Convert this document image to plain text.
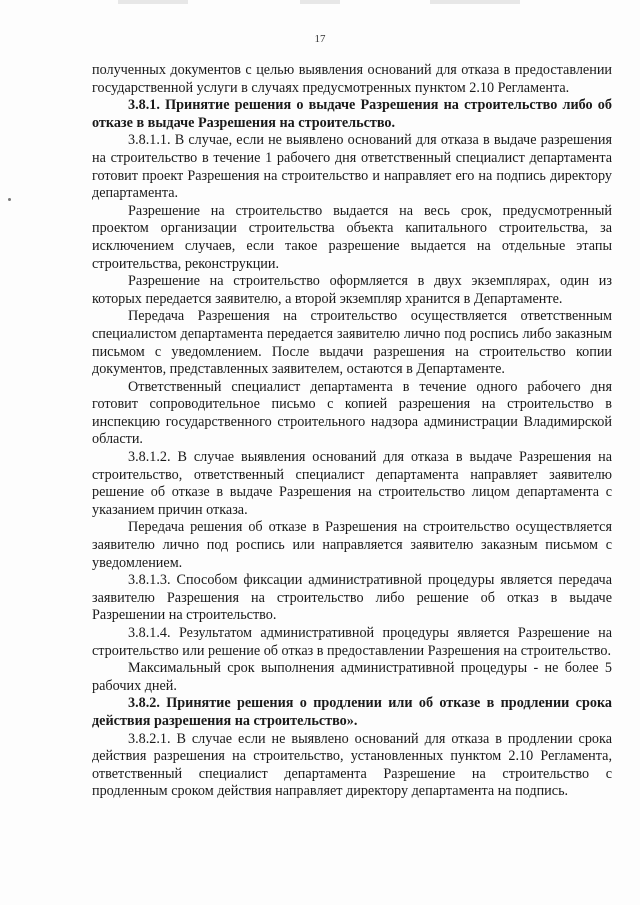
17

полученных документов с целью выявления оснований для отказа в предоставлении государственной услуги в случаях предусмотренных пунктом 2.10 Регламента.

3.8.1. Принятие решения о выдаче Разрешения на строительство либо об отказе в выдаче Разрешения на строительство.

3.8.1.1. В случае, если не выявлено оснований для отказа в выдаче разрешения на строительство в течение 1 рабочего дня ответственный специалист департамента готовит проект Разрешения на строительство и направляет его на подпись директору департамента.

Разрешение на строительство выдается на весь срок, предусмотренный проектом организации строительства объекта капитального строительства, за исключением случаев, если такое разрешение выдается на отдельные этапы строительства, реконструкции.

Разрешение на строительство оформляется в двух экземплярах, один из которых передается заявителю, а второй экземпляр хранится в Департаменте.

Передача Разрешения на строительство осуществляется ответственным специалистом департамента передается заявителю лично под роспись либо заказным письмом с уведомлением. После выдачи разрешения на строительство копии документов, представленных заявителем, остаются в Департаменте.

Ответственный специалист департамента в течение одного рабочего дня готовит сопроводительное письмо с копией разрешения на строительство в инспекцию государственного строительного надзора администрации Владимирской области.

3.8.1.2. В случае выявления оснований для отказа в выдаче Разрешения на строительство, ответственный специалист департамента направляет заявителю решение об отказе в выдаче Разрешения на строительство лицом департамента с указанием причин отказа.

Передача решения об отказе в Разрешения на строительство осуществляется заявителю лично под роспись или направляется заявителю заказным письмом с уведомлением.

3.8.1.3. Способом фиксации административной процедуры является передача заявителю Разрешения на строительство либо решение об отказ в выдаче Разрешении на строительство.

3.8.1.4. Результатом административной процедуры является Разрешение на строительство или решение об отказ в предоставлении Разрешения на строительство.

Максимальный срок выполнения административной процедуры - не более 5 рабочих дней.

3.8.2. Принятие решения о продлении или об отказе в продлении срока действия разрешения на строительство».

3.8.2.1. В случае если не выявлено оснований для отказа в продлении срока действия разрешения на строительство, установленных пунктом 2.10 Регламента, ответственный специалист департамента Разрешение на строительство с продленным сроком действия направляет директору департамента на подпись.
